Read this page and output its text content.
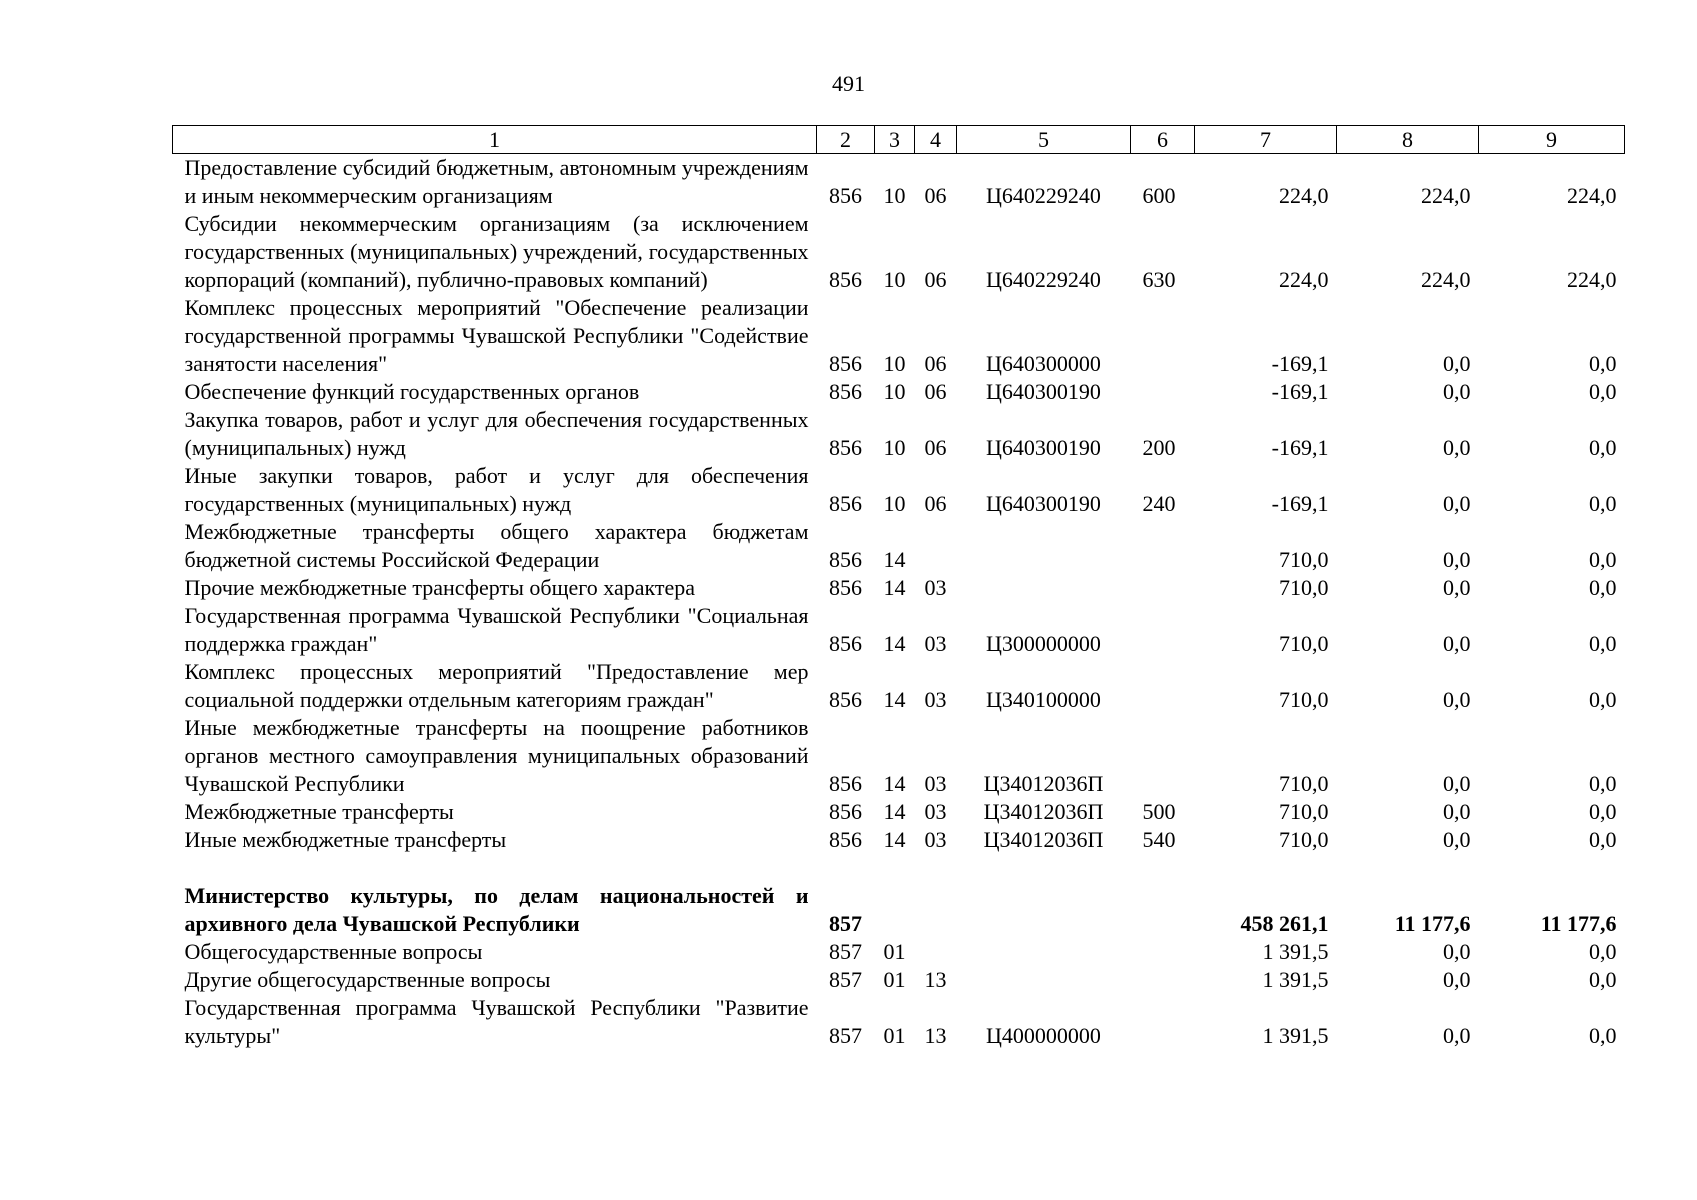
491
1	2	3	4	5	6	7	8	9
Предоставление субсидий бюджетным, автономным учреждениям и иным некоммерческим организациям	856	10	06	Ц640229240	600	224,0	224,0	224,0
Субсидии некоммерческим организациям (за исключением государственных (муниципальных) учреждений, государственных корпораций (компаний), публично-правовых компаний)	856	10	06	Ц640229240	630	224,0	224,0	224,0
Комплекс процессных мероприятий "Обеспечение реализации государственной программы Чувашской Республики "Содействие занятости населения"	856	10	06	Ц640300000		-169,1	0,0	0,0
Обеспечение функций государственных органов	856	10	06	Ц640300190		-169,1	0,0	0,0
Закупка товаров, работ и услуг для обеспечения государственных (муниципальных) нужд	856	10	06	Ц640300190	200	-169,1	0,0	0,0
Иные закупки товаров, работ и услуг для обеспечения государственных (муниципальных) нужд	856	10	06	Ц640300190	240	-169,1	0,0	0,0
Межбюджетные трансферты общего характера бюджетам бюджетной системы Российской Федерации	856	14				710,0	0,0	0,0
Прочие межбюджетные трансферты общего характера	856	14	03			710,0	0,0	0,0
Государственная программа Чувашской Республики "Социальная поддержка граждан"	856	14	03	Ц300000000		710,0	0,0	0,0
Комплекс процессных мероприятий "Предоставление мер социальной поддержки отдельным категориям граждан"	856	14	03	Ц340100000		710,0	0,0	0,0
Иные межбюджетные трансферты на поощрение работников органов местного самоуправления муниципальных образований Чувашской Республики	856	14	03	Ц34012036П		710,0	0,0	0,0
Межбюджетные трансферты	856	14	03	Ц34012036П	500	710,0	0,0	0,0
Иные межбюджетные трансферты	856	14	03	Ц34012036П	540	710,0	0,0	0,0

Министерство культуры, по делам национальностей и архивного дела Чувашской Республики	857					458 261,1	11 177,6	11 177,6
Общегосударственные вопросы	857	01				1 391,5	0,0	0,0
Другие общегосударственные вопросы	857	01	13			1 391,5	0,0	0,0
Государственная программа Чувашской Республики "Развитие культуры"	857	01	13	Ц400000000		1 391,5	0,0	0,0
